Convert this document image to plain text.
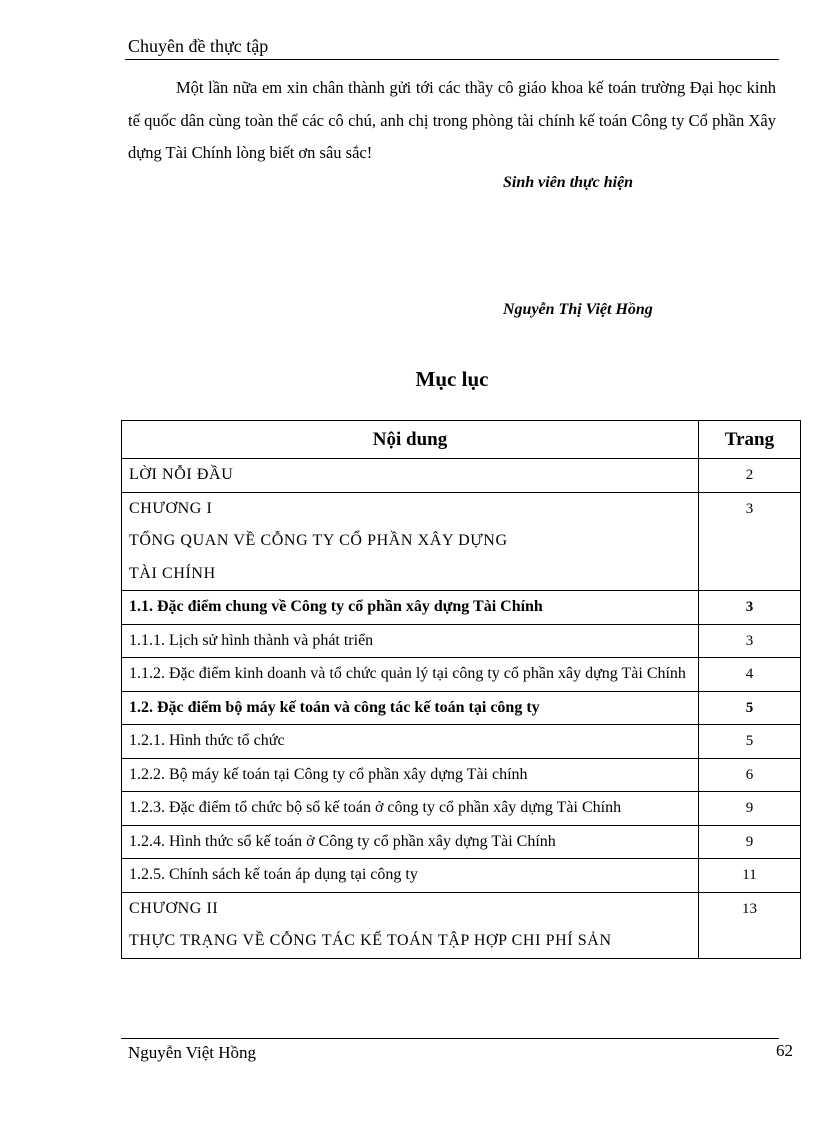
Chuyên đề thực tập
Một lần nữa em xin chân thành gửi tới các thầy cô giáo khoa kế toán trường Đại học kinh tế quốc dân cùng toàn thể các cô chú, anh chị trong phòng tài chính kế toán Công ty Cổ phần Xây dựng Tài Chính lòng biết ơn sâu sắc!
Sinh viên thực hiện
Nguyễn Thị Việt Hồng
Mục lục
Nội dung	Trang
LỜI NỖI ĐẦU	2

CHƯƠNG I
TỔNG QUAN VỀ CỖNG TY CỔ PHẦN XÂY DỰNG
TÀI CHÍNH	3
1.1. Đặc điểm chung về Công ty cổ phần xây dựng Tài Chính	3
1.1.1. Lịch sử hình thành và phát triển	3
1.1.2. Đặc điểm kinh doanh và tổ chức quản lý tại công ty cổ phần xây dựng Tài Chính	4
1.2. Đặc điểm bộ máy kế toán và công tác kế toán tại công ty	5
1.2.1. Hình thức tổ chức	5
1.2.2. Bộ máy kế toán tại Công ty cổ phần xây dựng Tài chính	6
1.2.3. Đặc điểm tổ chức bộ sổ kế toán ở công ty cổ phần xây dựng Tài Chính	9
1.2.4. Hình thức sổ kế toán ở Công ty cổ phần xây dựng Tài Chính	9
1.2.5. Chính sách kế toán áp dụng tại công ty	11

CHƯƠNG II
THỰC TRẠNG VỀ CỖNG TÁC KẾ TOÁN TẬP HỢP CHI PHÍ SẢN	13
Nguyễn Việt Hồng	62
